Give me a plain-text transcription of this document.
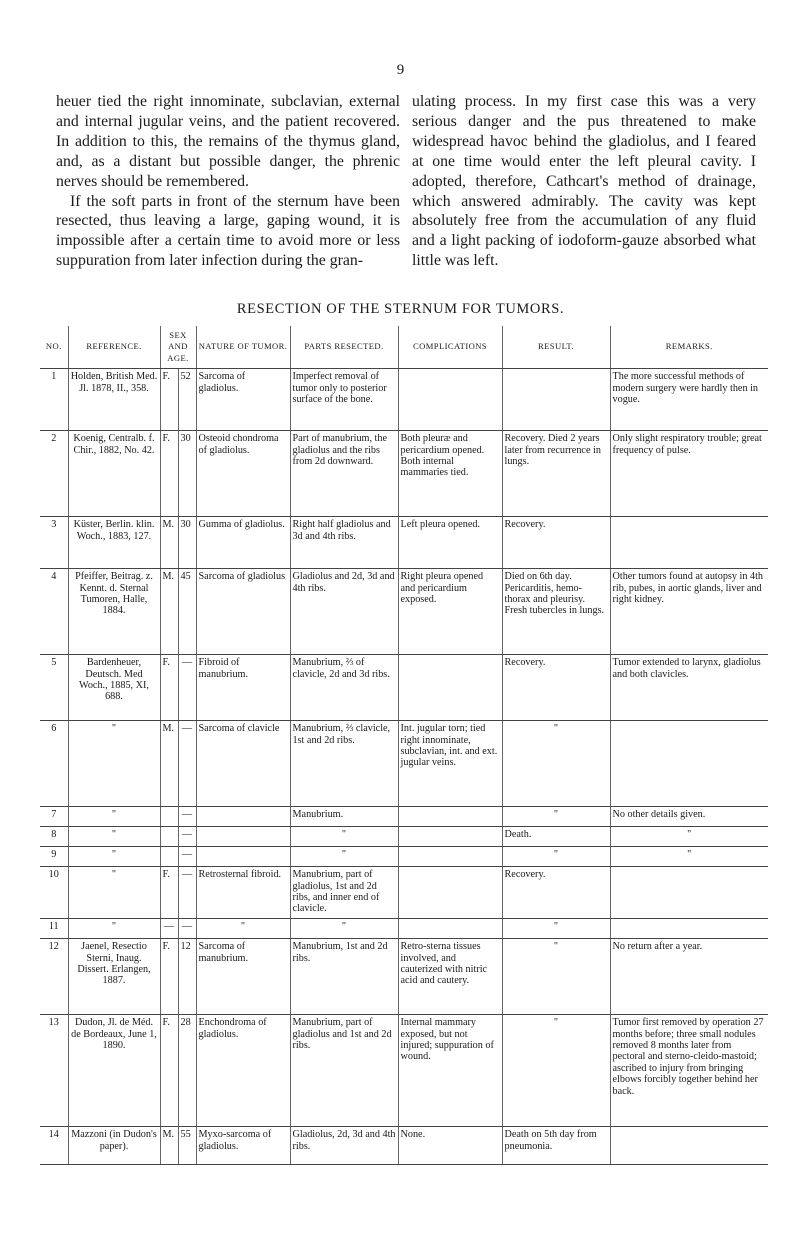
9

heuer tied the right innominate, subclavian, external and internal jugular veins, and the patient recovered. In addition to this, the remains of the thymus gland, and, as a distant but possible danger, the phrenic nerves should be remembered.

If the soft parts in front of the sternum have been resected, thus leaving a large, gaping wound, it is impossible after a certain time to avoid more or less suppuration from later infection during the gran-

ulating process. In my first case this was a very serious danger and the pus threatened to make widespread havoc behind the gladiolus, and I feared at one time would enter the left pleural cavity. I adopted, therefore, Cathcart's method of drainage, which answered admirably. The cavity was kept absolutely free from the accumulation of any fluid and a light packing of iodoform-gauze absorbed what little was left.

RESECTION OF THE STERNUM FOR TUMORS.
NO.	REFERENCE.	SEX AND AGE.		NATURE OF TUMOR.	PARTS RESECTED.	COMPLICATIONS	RESULT.	REMARKS.
1	Holden, British Med. Jl. 1878, II., 358.	F.	52	Sarcoma of gladiolus.	Imperfect removal of tumor only to posterior surface of the bone.			The more successful methods of modern surgery were hardly then in vogue.
2	Koenig, Centralb. f. Chir., 1882, No. 42.	F.	30	Osteoid chondroma of gladiolus.	Part of manubrium, the gladiolus and the ribs from 2d downward.	Both pleuræ and pericardium opened. Both internal mammaries tied.	Recovery. Died 2 years later from recurrence in lungs.	Only slight respiratory trouble; great frequency of pulse.
3	Küster, Berlin. klin. Woch., 1883, 127.	M.	30	Gumma of gladiolus.	Right half gladiolus and 3d and 4th ribs.	Left pleura opened.	Recovery.	
4	Pfeiffer, Beitrag. z. Kennt. d. Sternal Tumoren, Halle, 1884.	M.	45	Sarcoma of gladiolus	Gladiolus and 2d, 3d and 4th ribs.	Right pleura opened and pericardium exposed.	Died on 6th day. Pericarditis, hemo-thorax and pleurisy. Fresh tubercles in lungs.	Other tumors found at autopsy in 4th rib, pubes, in aortic glands, liver and right kidney.
5	Bardenheuer, Deutsch. Med Woch., 1885, XI, 688.	F.	—	Fibroid of manubrium.	Manubrium, ⅔ of clavicle, 2d and 3d ribs.		Recovery.	Tumor extended to larynx, gladiolus and both clavicles.
6	"	M.	—	Sarcoma of clavicle	Manubrium, ⅔ clavicle, 1st and 2d ribs.	Int. jugular torn; tied right innominate, subclavian, int. and ext. jugular veins.	"	
7	"		—		Manubrium.		"	No other details given.
8	"		—		"		Death.	"
9	"		—		"		"	"
10	"	F.	—	Retrosternal fibroid.	Manubrium, part of gladiolus, 1st and 2d ribs, and inner end of clavicle.		Recovery.	
11	"	—	—	"	"		"	
12	Jaenel, Resectio Sterni, Inaug. Dissert. Erlangen, 1887.	F.	12	Sarcoma of manubrium.	Manubrium, 1st and 2d ribs.	Retro-sterna tissues involved, and cauterized with nitric acid and cautery.	"	No return after a year.
13	Dudon, Jl. de Méd. de Bordeaux, June 1, 1890.	F.	28	Enchondroma of gladiolus.	Manubrium, part of gladiolus and 1st and 2d ribs.	Internal mammary exposed, but not injured; suppuration of wound.	"	Tumor first removed by operation 27 months before; three small nodules removed 8 months later from pectoral and sterno-cleido-mastoid; ascribed to injury from bringing elbows forcibly together behind her back.
14	Mazzoni (in Dudon's paper).	M.	55	Myxo-sarcoma of gladiolus.	Gladiolus, 2d, 3d and 4th ribs.	None.	Death on 5th day from pneumonia.	
